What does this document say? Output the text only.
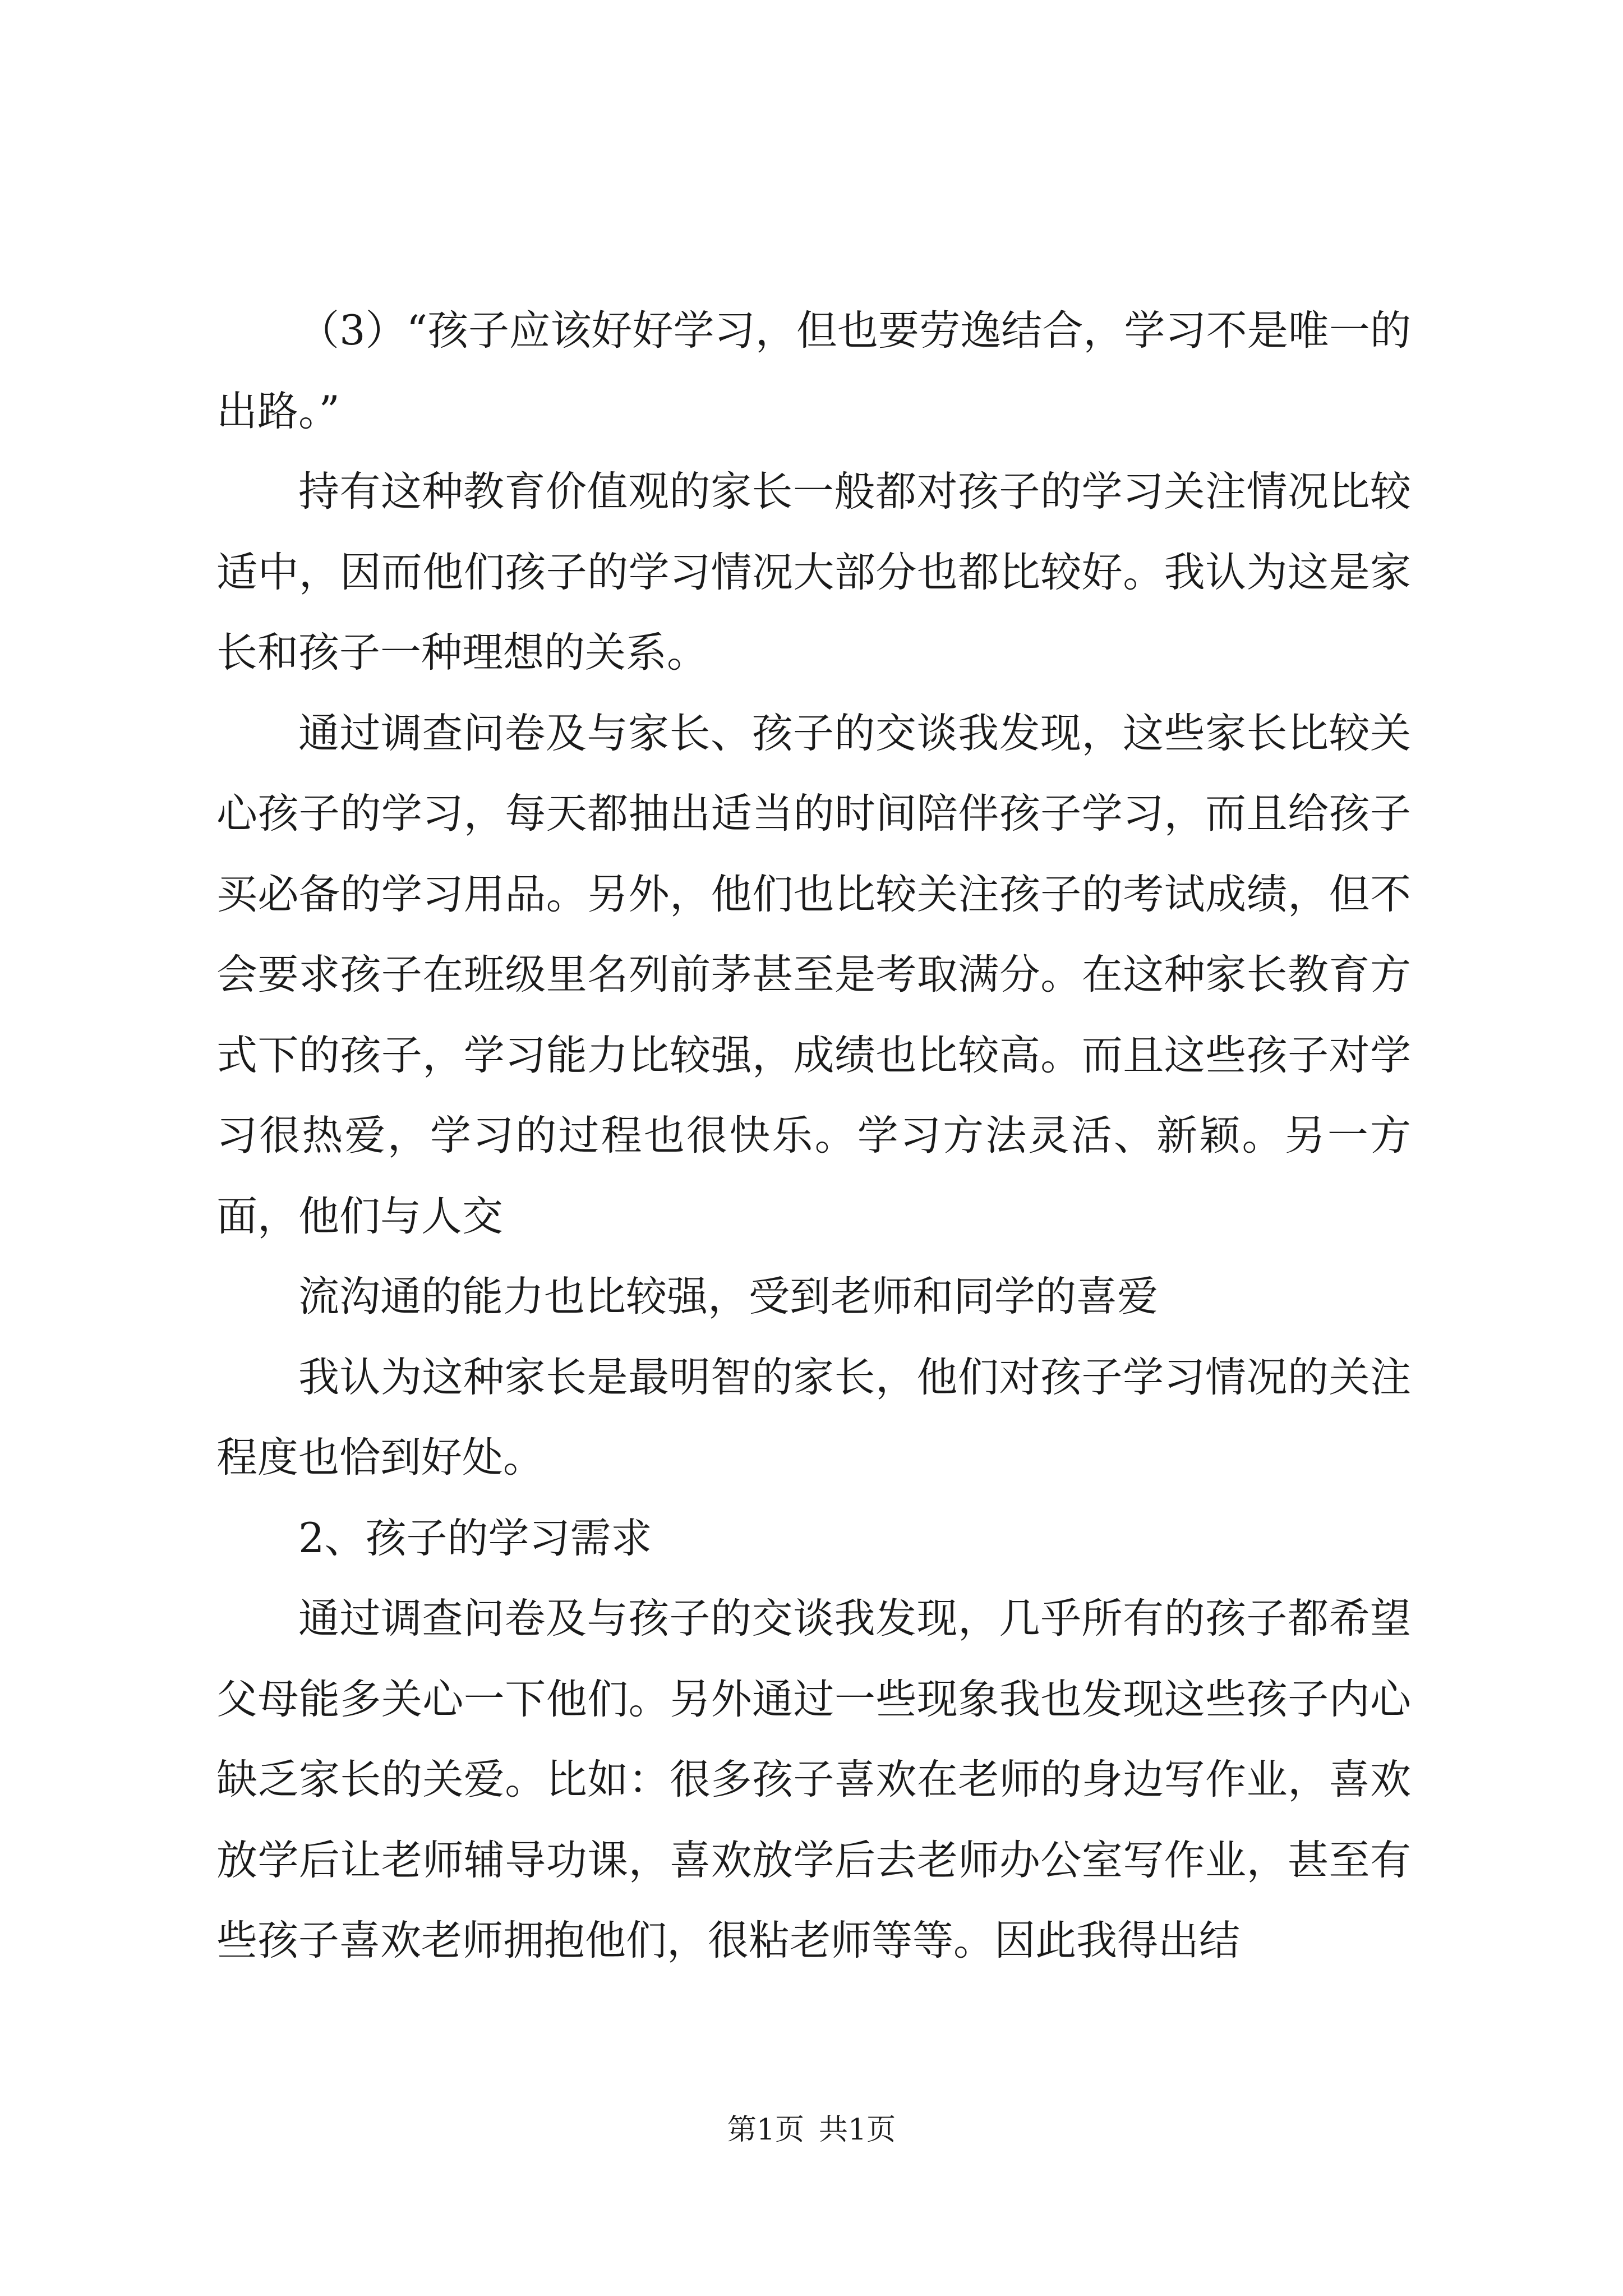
（3）“孩子应该好好学习，但也要劳逸结合，学习不是唯一的出路。”

持有这种教育价值观的家长一般都对孩子的学习关注情况比较适中，因而他们孩子的学习情况大部分也都比较好。我认为这是家长和孩子一种理想的关系。

通过调查问卷及与家长、孩子的交谈我发现，这些家长比较关心孩子的学习，每天都抽出适当的时间陪伴孩子学习，而且给孩子买必备的学习用品。另外，他们也比较关注孩子的考试成绩，但不会要求孩子在班级里名列前茅甚至是考取满分。在这种家长教育方式下的孩子，学习能力比较强，成绩也比较高。而且这些孩子对学习很热爱，学习的过程也很快乐。学习方法灵活、新颖。另一方面，他们与人交

流沟通的能力也比较强，受到老师和同学的喜爱

我认为这种家长是最明智的家长，他们对孩子学习情况的关注程度也恰到好处。

2、孩子的学习需求

通过调查问卷及与孩子的交谈我发现，几乎所有的孩子都希望父母能多关心一下他们。另外通过一些现象我也发现这些孩子内心缺乏家长的关爱。比如：很多孩子喜欢在老师的身边写作业，喜欢放学后让老师辅导功课，喜欢放学后去老师办公室写作业，甚至有些孩子喜欢老师拥抱他们，很粘老师等等。因此我得出结

第1页 共1页
